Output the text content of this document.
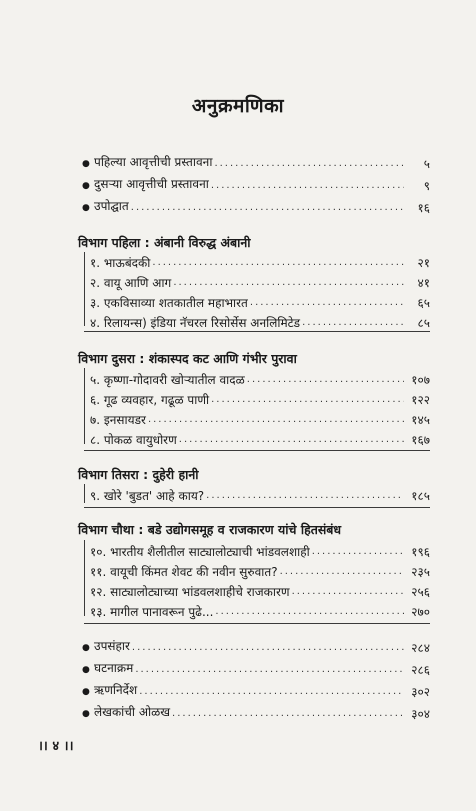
अनुक्रमणिका
● पहिल्या आवृत्तीची प्रस्तावना .....	५
● दुसऱ्या आवृत्तीची प्रस्तावना .....	९
● उपोद्घात .....	१६
विभाग पहिला : अंबानी विरुद्ध अंबानी
१. भाऊबंदकी .....	२१
२. वायू आणि आग .....	४१
३. एकविसाव्या शतकातील महाभारत .....	६५
४. रिलायन्स) इंडिया नॅचरल रिसोर्सेस अनलिमिटेड .....	८५
विभाग दुसरा : शंकास्पद कट आणि गंभीर पुरावा
५. कृष्णा-गोदावरी खोऱ्यातील वादळ .....	१०७
६. गूढ व्यवहार, गढूळ पाणी .....	१२२
७. इनसायडर .....	१४५
८. पोकळ वायुधोरण .....	१६७
विभाग तिसरा : दुहेरी हानी
९. खोरे 'बुडत' आहे काय? .....	१८५
विभाग चौथा : बडे उद्योगसमूह व राजकारण यांचे हितसंबंध
१०. भारतीय शैलीतील साट्यालोट्याची भांडवलशाही .....	१९६
११. वायूची किंमत शेवट की नवीन सुरुवात? .....	२३५
१२. साट्यालोट्याच्या भांडवलशाहीचे राजकारण .....	२५६
१३. मागील पानावरून पुढे... .....	२७०
● उपसंहार .....	२८४
● घटनाक्रम .....	२८६
● ऋणनिर्देश .....	३०२
● लेखकांची ओळख .....	३०४
।। ४ ।।
